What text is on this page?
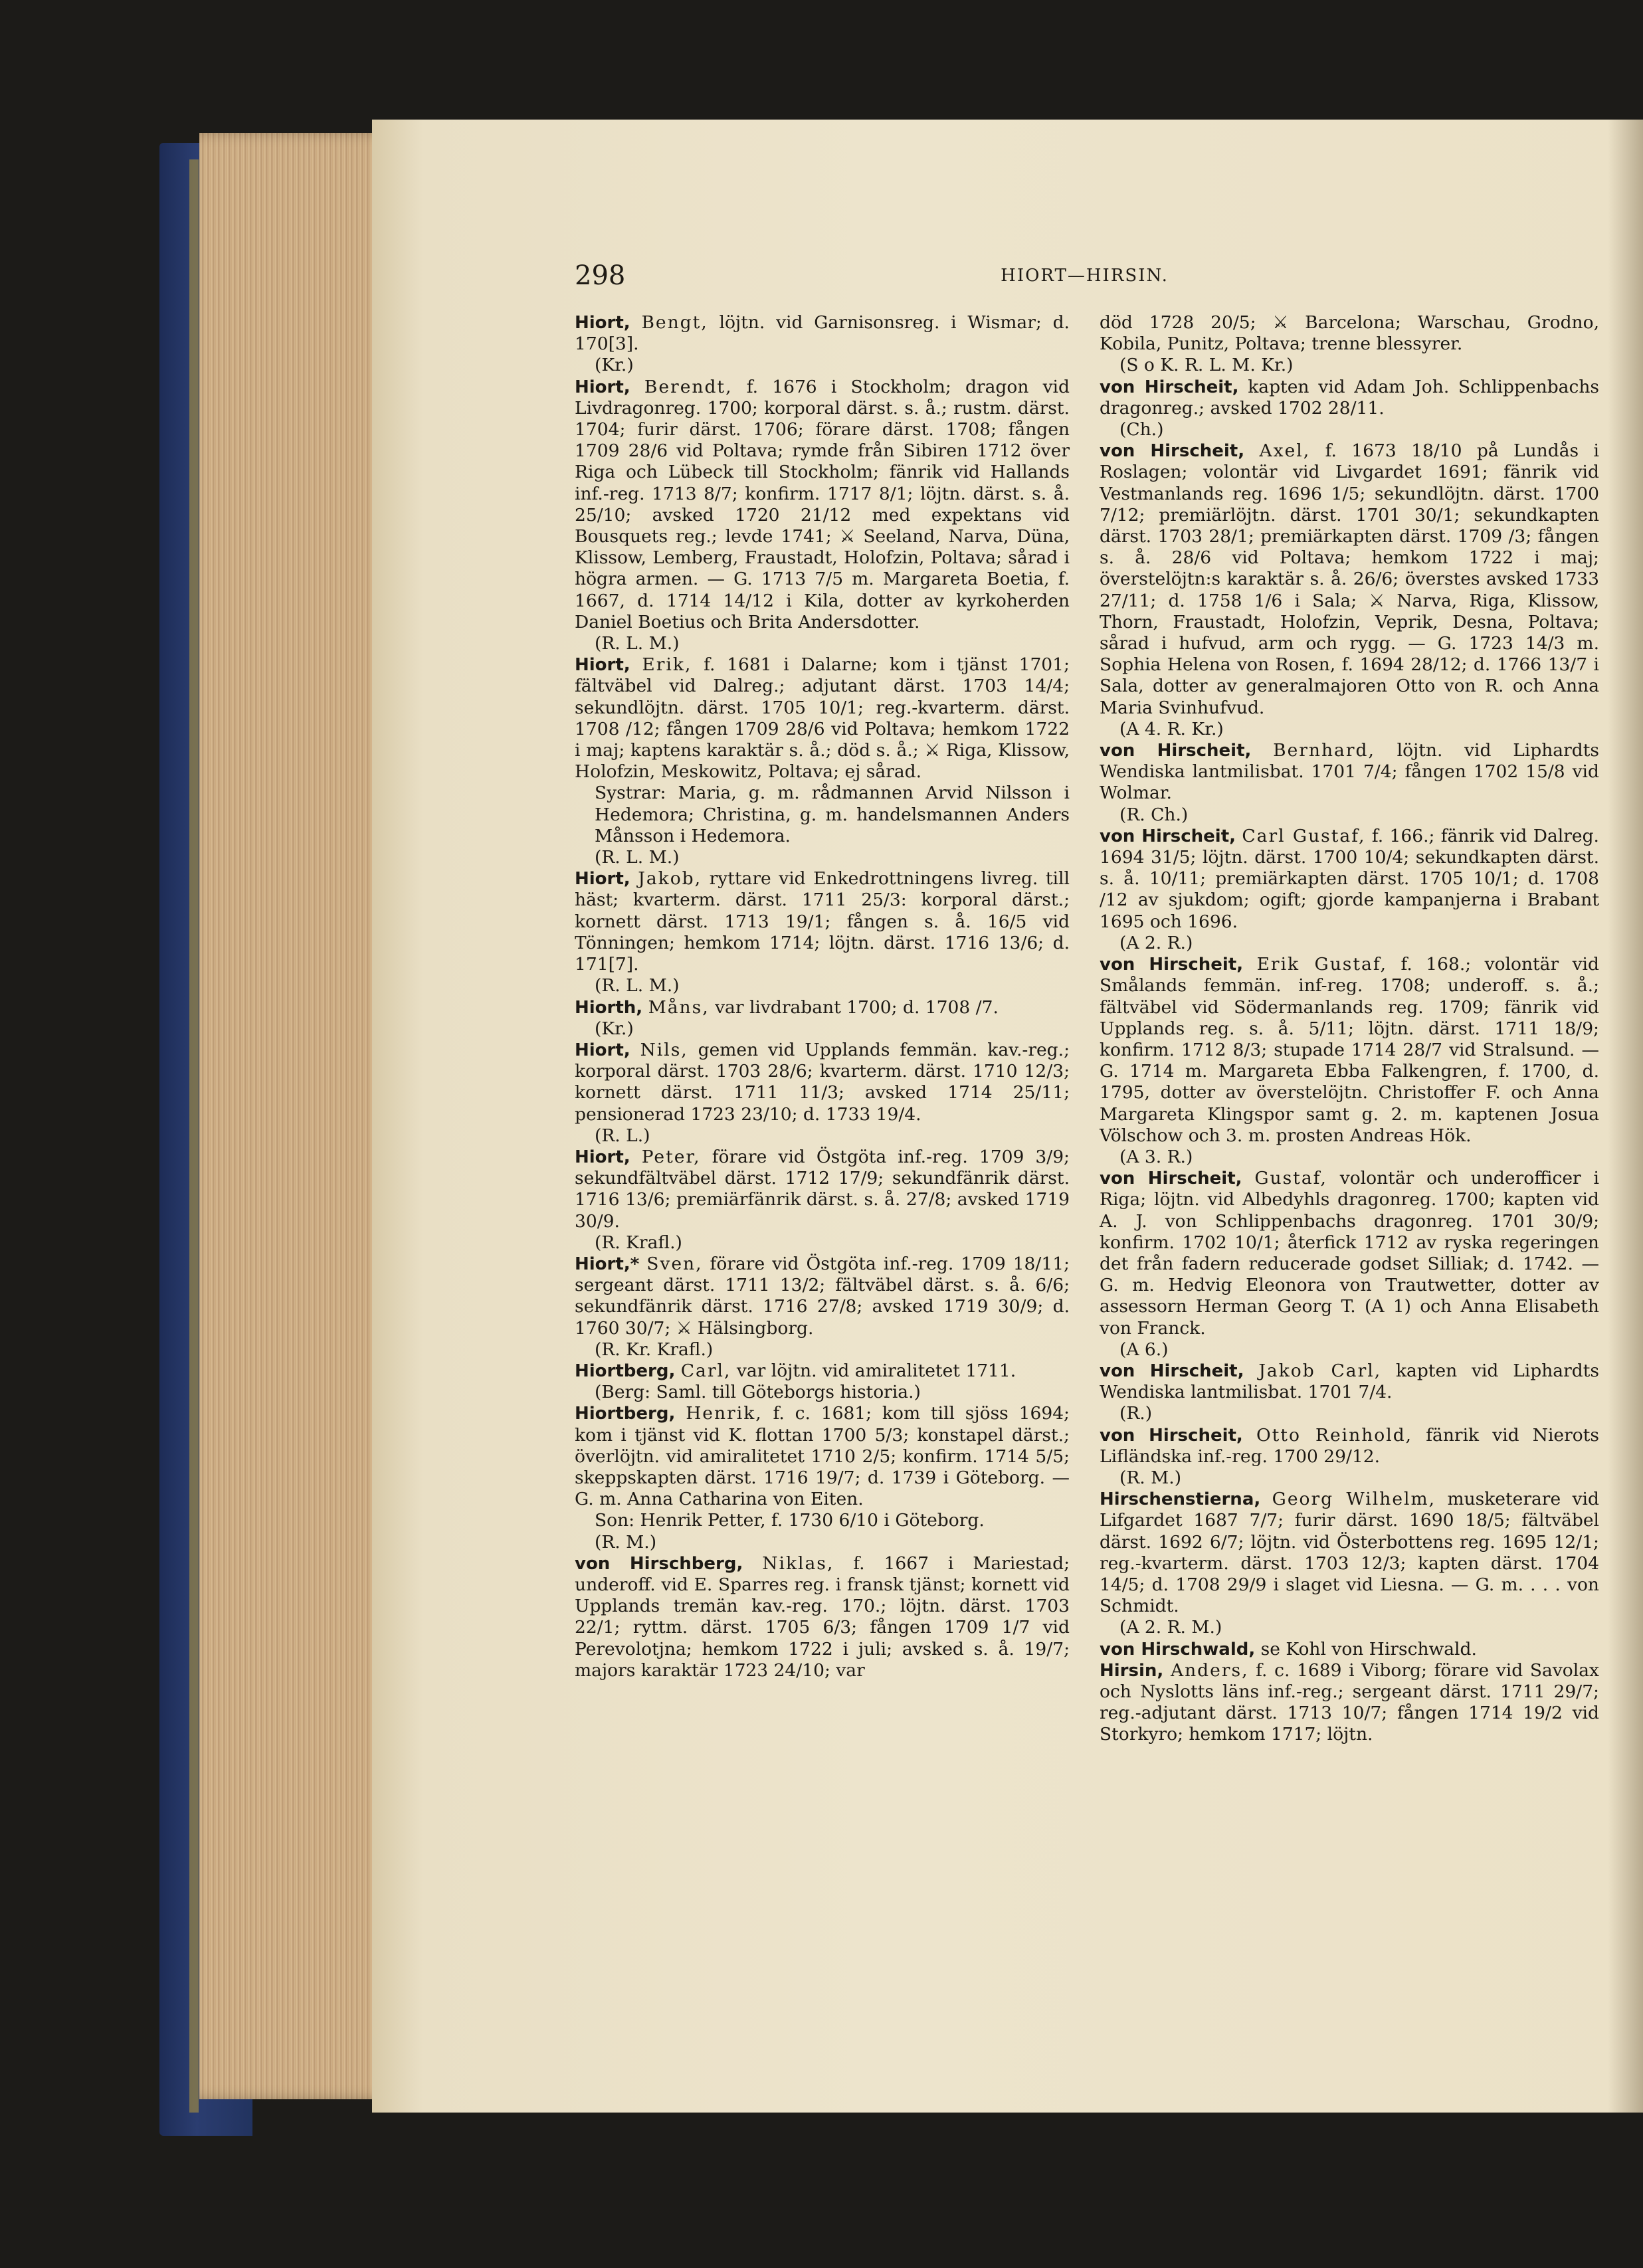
298	HIORT—HIRSIN.

Hiort, Bengt, löjtn. vid Garnisonsreg. i Wismar; d. 170[3].

(Kr.)

Hiort, Berendt, f. 1676 i Stockholm; dragon vid Livdragonreg. 1700; korporal därst. s. å.; rustm. därst. 1704; furir därst. 1706; förare därst. 1708; fången 1709 28/6 vid Poltava; rymde från Sibiren 1712 över Riga och Lübeck till Stockholm; fänrik vid Hallands inf.-reg. 1713 8/7; konfirm. 1717 8/1; löjtn. därst. s. å. 25/10; avsked 1720 21/12 med expektans vid Bousquets reg.; levde 1741; ⚔ Seeland, Narva, Düna, Klissow, Lemberg, Fraustadt, Holofzin, Poltava; sårad i högra armen. — G. 1713 7/5 m. Margareta Boetia, f. 1667, d. 1714 14/12 i Kila, dotter av kyrkoherden Daniel Boetius och Brita Andersdotter.

(R. L. M.)

Hiort, Erik, f. 1681 i Dalarne; kom i tjänst 1701; fältväbel vid Dalreg.; adjutant därst. 1703 14/4; sekundlöjtn. därst. 1705 10/1; reg.-kvarterm. därst. 1708 /12; fången 1709 28/6 vid Poltava; hemkom 1722 i maj; kaptens karaktär s. å.; död s. å.; ⚔ Riga, Klissow, Holofzin, Meskowitz, Poltava; ej sårad.

Systrar: Maria, g. m. rådmannen Arvid Nilsson i Hedemora; Christina, g. m. handelsmannen Anders Månsson i Hedemora.

(R. L. M.)

Hiort, Jakob, ryttare vid Enkedrottningens livreg. till häst; kvarterm. därst. 1711 25/3: korporal därst.; kornett därst. 1713 19/1; fången s. å. 16/5 vid Tönningen; hemkom 1714; löjtn. därst. 1716 13/6; d. 171[7].

(R. L. M.)

Hiorth, Måns, var livdrabant 1700; d. 1708 /7.

(Kr.)

Hiort, Nils, gemen vid Upplands femmän. kav.-reg.; korporal därst. 1703 28/6; kvarterm. därst. 1710 12/3; kornett därst. 1711 11/3; avsked 1714 25/11; pensionerad 1723 23/10; d. 1733 19/4.

(R. L.)

Hiort, Peter, förare vid Östgöta inf.-reg. 1709 3/9; sekundfältväbel därst. 1712 17/9; sekundfänrik därst. 1716 13/6; premiärfänrik därst. s. å. 27/8; avsked 1719 30/9.

(R. Krafl.)

Hiort,* Sven, förare vid Östgöta inf.-reg. 1709 18/11; sergeant därst. 1711 13/2; fältväbel därst. s. å. 6/6; sekundfänrik därst. 1716 27/8; avsked 1719 30/9; d. 1760 30/7; ⚔ Hälsingborg.

(R. Kr. Krafl.)

Hiortberg, Carl, var löjtn. vid amiralitetet 1711.

(Berg: Saml. till Göteborgs historia.)

Hiortberg, Henrik, f. c. 1681; kom till sjöss 1694; kom i tjänst vid K. flottan 1700 5/3; konstapel därst.; överlöjtn. vid amiralitetet 1710 2/5; konfirm. 1714 5/5; skeppskapten därst. 1716 19/7; d. 1739 i Göteborg. — G. m. Anna Catharina von Eiten.

Son: Henrik Petter, f. 1730 6/10 i Göteborg.

(R. M.)

von Hirschberg, Niklas, f. 1667 i Mariestad; underoff. vid E. Sparres reg. i fransk tjänst; kornett vid Upplands tremän kav.-reg. 170.; löjtn. därst. 1703 22/1; ryttm. därst. 1705 6/3; fången 1709 1/7 vid Perevolotjna; hemkom 1722 i juli; avsked s. å. 19/7; majors karaktär 1723 24/10; var

död 1728 20/5; ⚔ Barcelona; Warschau, Grodno, Kobila, Punitz, Poltava; trenne blessyrer.

(S o K. R. L. M. Kr.)

von Hirscheit, kapten vid Adam Joh. Schlippenbachs dragonreg.; avsked 1702 28/11.

(Ch.)

von Hirscheit, Axel, f. 1673 18/10 på Lundås i Roslagen; volontär vid Livgardet 1691; fänrik vid Vestmanlands reg. 1696 1/5; sekundlöjtn. därst. 1700 7/12; premiärlöjtn. därst. 1701 30/1; sekundkapten därst. 1703 28/1; premiärkapten därst. 1709 /3; fången s. å. 28/6 vid Poltava; hemkom 1722 i maj; överstelöjtn:s karaktär s. å. 26/6; överstes avsked 1733 27/11; d. 1758 1/6 i Sala; ⚔ Narva, Riga, Klissow, Thorn, Fraustadt, Holofzin, Veprik, Desna, Poltava; sårad i hufvud, arm och rygg. — G. 1723 14/3 m. Sophia Helena von Rosen, f. 1694 28/12; d. 1766 13/7 i Sala, dotter av generalmajoren Otto von R. och Anna Maria Svinhufvud.

(A 4. R. Kr.)

von Hirscheit, Bernhard, löjtn. vid Liphardts Wendiska lantmilisbat. 1701 7/4; fången 1702 15/8 vid Wolmar.

(R. Ch.)

von Hirscheit, Carl Gustaf, f. 166.; fänrik vid Dalreg. 1694 31/5; löjtn. därst. 1700 10/4; sekundkapten därst. s. å. 10/11; premiärkapten därst. 1705 10/1; d. 1708 /12 av sjukdom; ogift; gjorde kampanjerna i Brabant 1695 och 1696.

(A 2. R.)

von Hirscheit, Erik Gustaf, f. 168.; volontär vid Smålands femmän. inf-reg. 1708; underoff. s. å.; fältväbel vid Södermanlands reg. 1709; fänrik vid Upplands reg. s. å. 5/11; löjtn. därst. 1711 18/9; konfirm. 1712 8/3; stupade 1714 28/7 vid Stralsund. — G. 1714 m. Margareta Ebba Falkengren, f. 1700, d. 1795, dotter av överstelöjtn. Christoffer F. och Anna Margareta Klingspor samt g. 2. m. kaptenen Josua Völschow och 3. m. prosten Andreas Hök.

(A 3. R.)

von Hirscheit, Gustaf, volontär och underofficer i Riga; löjtn. vid Albedyhls dragonreg. 1700; kapten vid A. J. von Schlippenbachs dragonreg. 1701 30/9; konfirm. 1702 10/1; återfick 1712 av ryska regeringen det från fadern reducerade godset Silliak; d. 1742. — G. m. Hedvig Eleonora von Trautwetter, dotter av assessorn Herman Georg T. (A 1) och Anna Elisabeth von Franck.

(A 6.)

von Hirscheit, Jakob Carl, kapten vid Liphardts Wendiska lantmilisbat. 1701 7/4.

(R.)

von Hirscheit, Otto Reinhold, fänrik vid Nierots Lifländska inf.-reg. 1700 29/12.

(R. M.)

Hirschenstierna, Georg Wilhelm, musketerare vid Lifgardet 1687 7/7; furir därst. 1690 18/5; fältväbel därst. 1692 6/7; löjtn. vid Österbottens reg. 1695 12/1; reg.-kvarterm. därst. 1703 12/3; kapten därst. 1704 14/5; d. 1708 29/9 i slaget vid Liesna. — G. m. . . . von Schmidt.

(A 2. R. M.)

von Hirschwald, se Kohl von Hirschwald.

Hirsin, Anders, f. c. 1689 i Viborg; förare vid Savolax och Nyslotts läns inf.-reg.; sergeant därst. 1711 29/7; reg.-adjutant därst. 1713 10/7; fången 1714 19/2 vid Storkyro; hemkom 1717; löjtn.
